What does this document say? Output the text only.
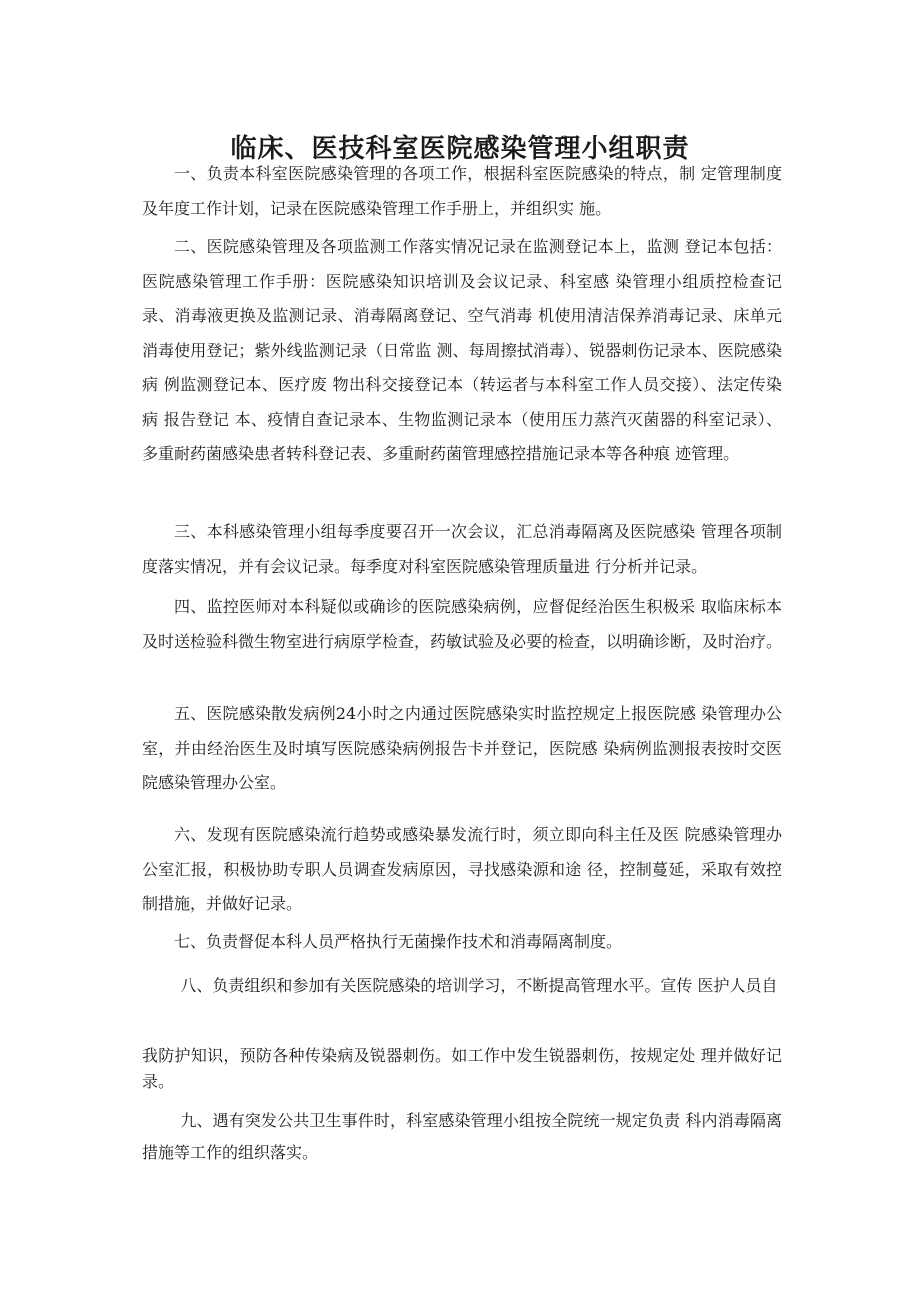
临床、医技科室医院感染管理小组职责

一、负责本科室医院感染管理的各项工作，根据科室医院感染的特点，制 定管理制度及年度工作计划，记录在医院感染管理工作手册上，并组织实 施。

二、医院感染管理及各项监测工作落实情况记录在监测登记本上，监测 登记本包括：医院感染管理工作手册：医院感染知识培训及会议记录、科室感 染管理小组质控检查记录、消毒液更换及监测记录、消毒隔离登记、空气消毒 机使用清洁保养消毒记录、床单元消毒使用登记；紫外线监测记录（日常监 测、每周擦拭消毒）、锐器刺伤记录本、医院感染病 例监测登记本、医疗废 物出科交接登记本（转运者与本科室工作人员交接）、法定传染病 报告登记 本、疫情自查记录本、生物监测记录本（使用压力蒸汽灭菌器的科室记录）、 多重耐药菌感染患者转科登记表、多重耐药菌管理感控措施记录本等各种痕 迹管理。

三、本科感染管理小组每季度要召开一次会议，汇总消毒隔离及医院感染 管理各项制度落实情况，并有会议记录。每季度对科室医院感染管理质量进 行分析并记录。

四、监控医师对本科疑似或确诊的医院感染病例，应督促经治医生积极采 取临床标本及时送检验科微生物室进行病原学检查，药敏试验及必要的检查，以明确诊断，及时治疗。

五、医院感染散发病例24小时之内通过医院感染实时监控规定上报医院感 染管理办公室，并由经治医生及时填写医院感染病例报告卡并登记，医院感 染病例监测报表按时交医院感染管理办公室。

六、发现有医院感染流行趋势或感染暴发流行时，须立即向科主任及医 院感染管理办公室汇报，积极协助专职人员调查发病原因，寻找感染源和途 径，控制蔓延，采取有效控制措施，并做好记录。

七、负责督促本科人员严格执行无菌操作技术和消毒隔离制度。

八、负责组织和参加有关医院感染的培训学习，不断提高管理水平。宣传 医护人员自

我防护知识，预防各种传染病及锐器刺伤。如工作中发生锐器刺伤，按规定处 理并做好记录。

九、遇有突发公共卫生事件时，科室感染管理小组按全院统一规定负责 科内消毒隔离措施等工作的组织落实。
